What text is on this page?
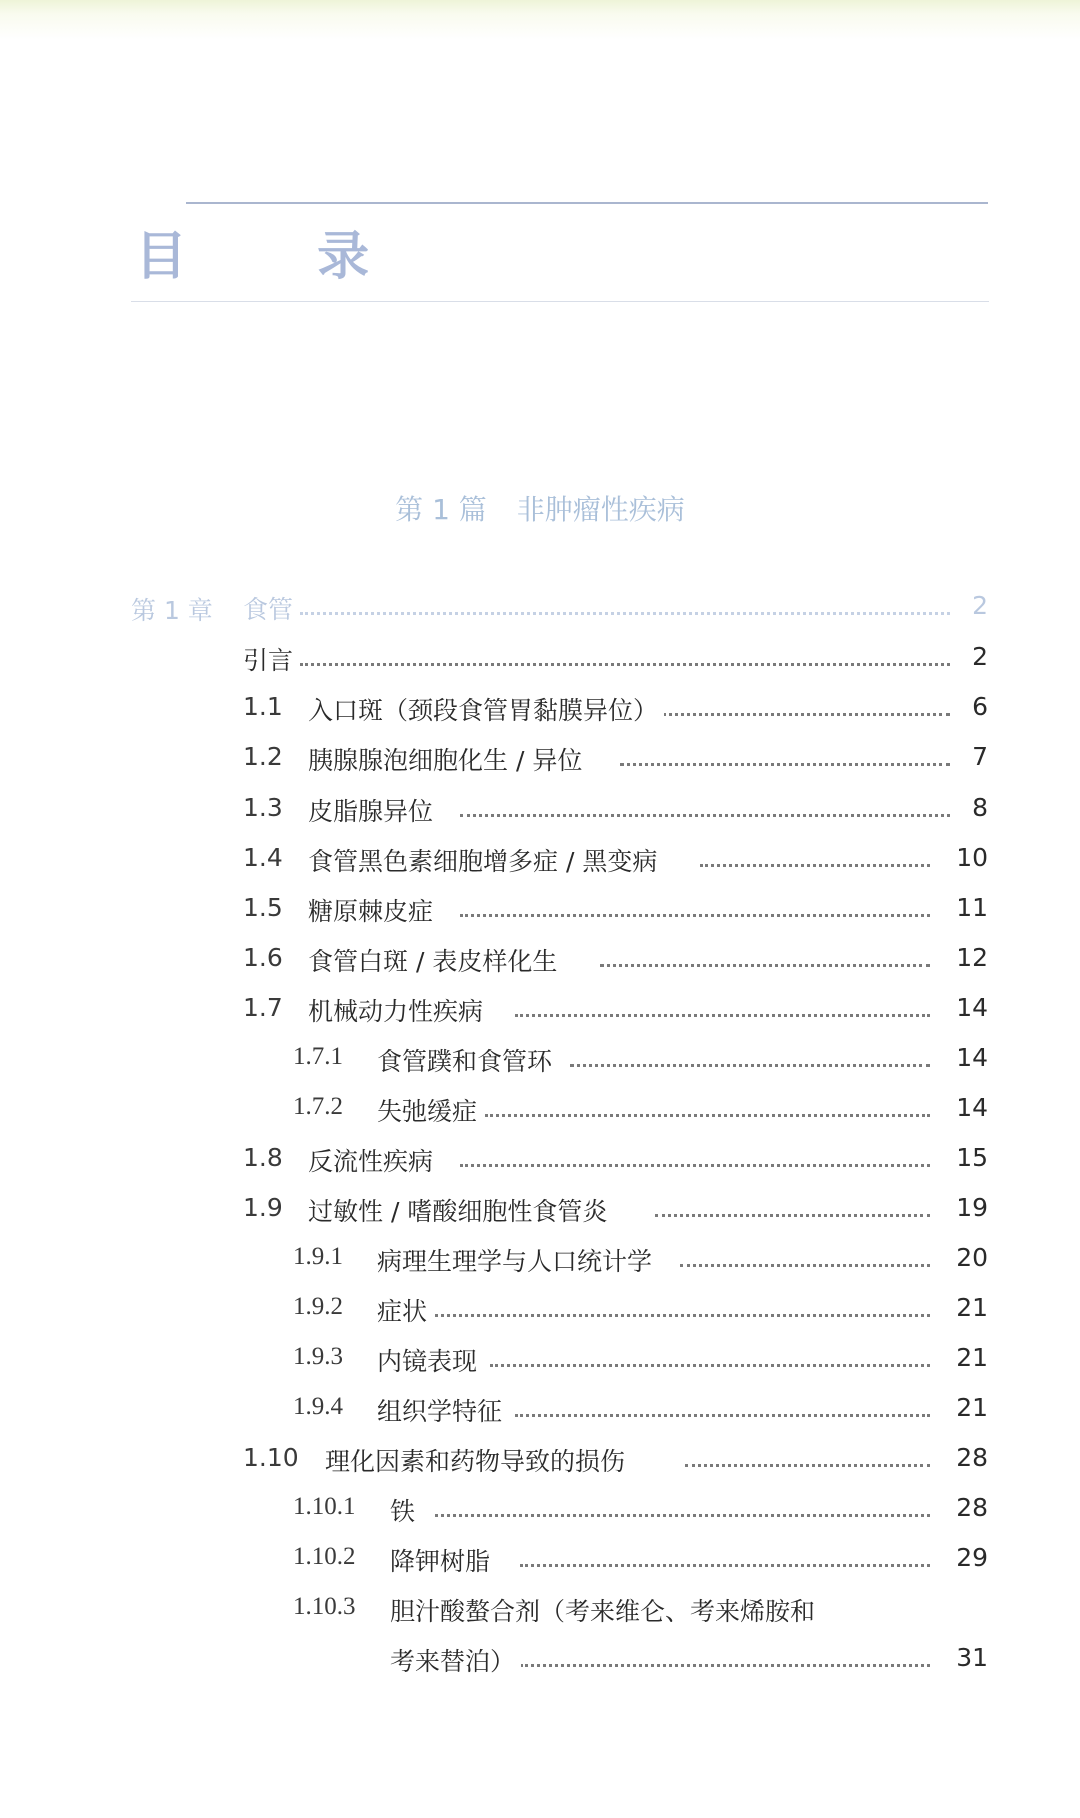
目 录
第 1 篇 非肿瘤性疾病
第 1 章 食管	2
引言	2
1.1 入口斑（颈段食管胃黏膜异位）	6
1.2 胰腺腺泡细胞化生 / 异位	7
1.3 皮脂腺异位	8
1.4 食管黑色素细胞增多症 / 黑变病	10
1.5 糖原棘皮症	11
1.6 食管白斑 / 表皮样化生	12
1.7 机械动力性疾病	14
1.7.1 食管蹼和食管环	14
1.7.2 失弛缓症	14
1.8 反流性疾病	15
1.9 过敏性 / 嗜酸细胞性食管炎	19
1.9.1 病理生理学与人口统计学	20
1.9.2 症状	21
1.9.3 内镜表现	21
1.9.4 组织学特征	21
1.10 理化因素和药物导致的损伤	28
1.10.1 铁	28
1.10.2 降钾树脂	29
1.10.3 胆汁酸螯合剂（考来维仑、考来烯胺和
考来替泊）	31
